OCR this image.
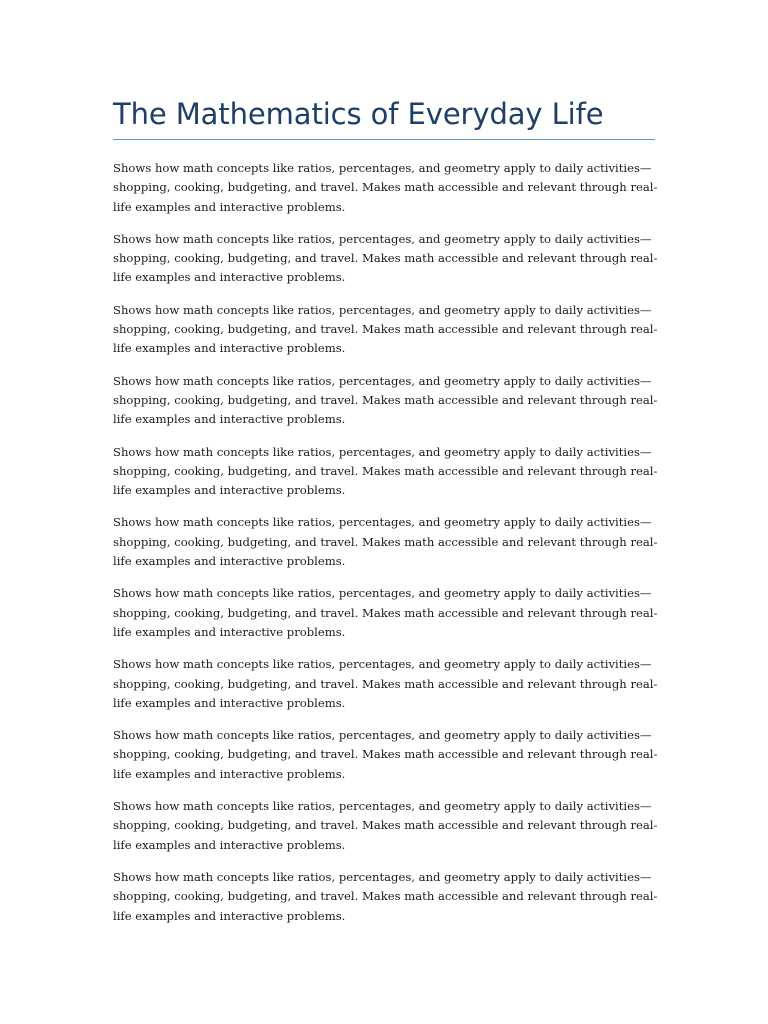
The Mathematics of Everyday Life

Shows how math concepts like ratios, percentages, and geometry apply to daily activities—
shopping, cooking, budgeting, and travel. Makes math accessible and relevant through real-
life examples and interactive problems.

Shows how math concepts like ratios, percentages, and geometry apply to daily activities—
shopping, cooking, budgeting, and travel. Makes math accessible and relevant through real-
life examples and interactive problems.

Shows how math concepts like ratios, percentages, and geometry apply to daily activities—
shopping, cooking, budgeting, and travel. Makes math accessible and relevant through real-
life examples and interactive problems.

Shows how math concepts like ratios, percentages, and geometry apply to daily activities—
shopping, cooking, budgeting, and travel. Makes math accessible and relevant through real-
life examples and interactive problems.

Shows how math concepts like ratios, percentages, and geometry apply to daily activities—
shopping, cooking, budgeting, and travel. Makes math accessible and relevant through real-
life examples and interactive problems.

Shows how math concepts like ratios, percentages, and geometry apply to daily activities—
shopping, cooking, budgeting, and travel. Makes math accessible and relevant through real-
life examples and interactive problems.

Shows how math concepts like ratios, percentages, and geometry apply to daily activities—
shopping, cooking, budgeting, and travel. Makes math accessible and relevant through real-
life examples and interactive problems.

Shows how math concepts like ratios, percentages, and geometry apply to daily activities—
shopping, cooking, budgeting, and travel. Makes math accessible and relevant through real-
life examples and interactive problems.

Shows how math concepts like ratios, percentages, and geometry apply to daily activities—
shopping, cooking, budgeting, and travel. Makes math accessible and relevant through real-
life examples and interactive problems.

Shows how math concepts like ratios, percentages, and geometry apply to daily activities—
shopping, cooking, budgeting, and travel. Makes math accessible and relevant through real-
life examples and interactive problems.

Shows how math concepts like ratios, percentages, and geometry apply to daily activities—
shopping, cooking, budgeting, and travel. Makes math accessible and relevant through real-
life examples and interactive problems.
